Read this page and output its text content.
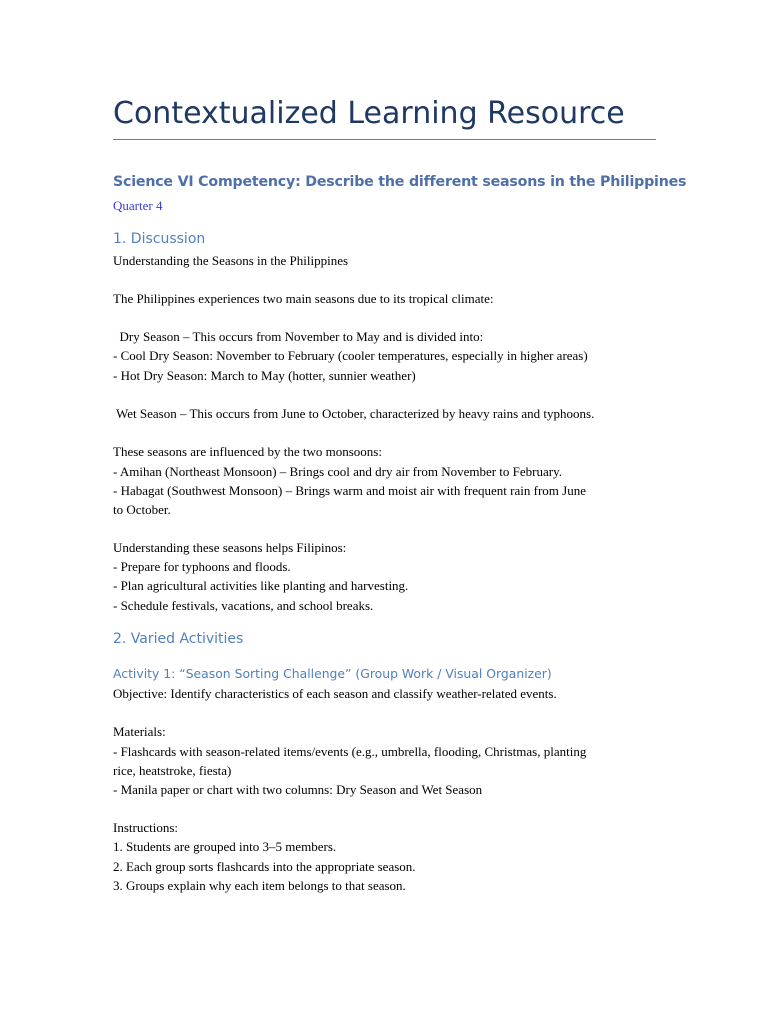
Contextualized Learning Resource
Science VI Competency: Describe the different seasons in the Philippines
Quarter 4
1. Discussion
Understanding the Seasons in the Philippines
The Philippines experiences two main seasons due to its tropical climate:
Dry Season – This occurs from November to May and is divided into:
- Cool Dry Season: November to February (cooler temperatures, especially in higher areas)
- Hot Dry Season: March to May (hotter, sunnier weather)
Wet Season – This occurs from June to October, characterized by heavy rains and typhoons.
These seasons are influenced by the two monsoons:
- Amihan (Northeast Monsoon) – Brings cool and dry air from November to February.
- Habagat (Southwest Monsoon) – Brings warm and moist air with frequent rain from June
to October.
Understanding these seasons helps Filipinos:
- Prepare for typhoons and floods.
- Plan agricultural activities like planting and harvesting.
- Schedule festivals, vacations, and school breaks.
2. Varied Activities
Activity 1: “Season Sorting Challenge” (Group Work / Visual Organizer)
Objective: Identify characteristics of each season and classify weather-related events.
Materials:
- Flashcards with season-related items/events (e.g., umbrella, flooding, Christmas, planting
rice, heatstroke, fiesta)
- Manila paper or chart with two columns: Dry Season and Wet Season
Instructions:
1. Students are grouped into 3–5 members.
2. Each group sorts flashcards into the appropriate season.
3. Groups explain why each item belongs to that season.
